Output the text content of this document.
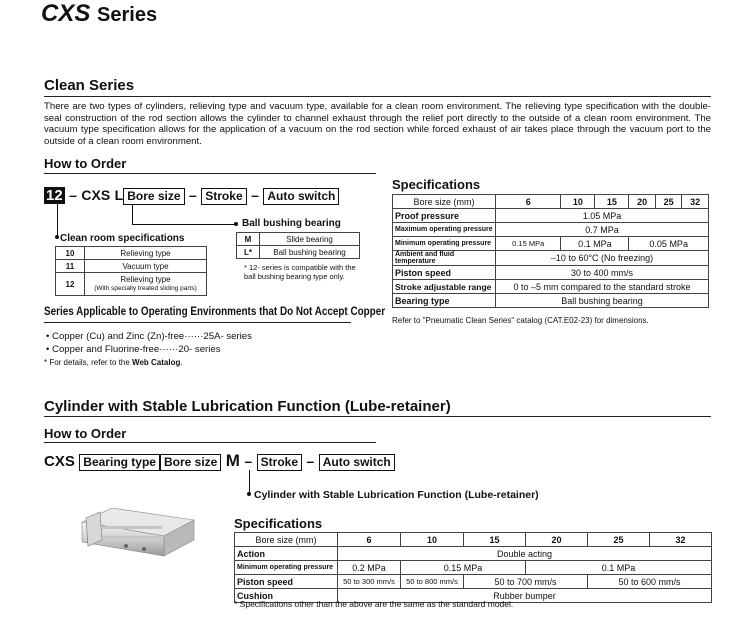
CXS Series
Clean Series
There are two types of cylinders, relieving type and vacuum type, available for a clean room environment. The relieving type specification with the double-seal construction of the rod section allows the cylinder to channel exhaust through the relief port directly to the outside of a clean room environment. The vacuum type specification allows for the application of a vacuum on the rod section while forced exhaust of air takes place through the vacuum port to the outside of a clean room environment.
How to Order
12 – CXS L Bore size – Stroke – Auto switch
Ball bushing bearing
M	Slide bearing
L*	Ball bushing bearing
* 12- series is compatible with the ball bushing bearing type only.
Clean room specifications
10	Relieving type
11	Vacuum type
12	Relieving type
(With specially treated sliding parts)
Series Applicable to Operating Environments that Do Not Accept Copper
• Copper (Cu) and Zinc (Zn)-free······25A- series
• Copper and Fluorine-free······20- series
* For details, refer to the Web Catalog.
Specifications
Bore size (mm)	6	10	15	20	25	32
Proof pressure	1.05 MPa					
Maximum operating pressure	0.7 MPa					
Minimum operating pressure	0.15 MPa	0.1 MPa		0.05 MPa		
Ambient and fluid temperature	–10 to 60°C (No freezing)					
Piston speed	30 to 400 mm/s					
Stroke adjustable range	0 to –5 mm compared to the standard stroke					
Bearing type	Ball bushing bearing					
Refer to "Pneumatic Clean Series" catalog (CAT.E02-23) for dimensions.
Cylinder with Stable Lubrication Function (Lube-retainer)
How to Order
CXS Bearing type Bore size M – Stroke – Auto switch
Cylinder with Stable Lubrication Function (Lube-retainer)
Specifications
Bore size (mm)	6	10	15	20	25	32
Action	Double acting					
Minimum operating pressure	0.2 MPa	0.15 MPa		0.1 MPa		
Piston speed	50 to 300 mm/s	50 to 800 mm/s	50 to 700 mm/s		50 to 600 mm/s	
Cushion	Rubber bumper					
* Specifications other than the above are the same as the standard model.
